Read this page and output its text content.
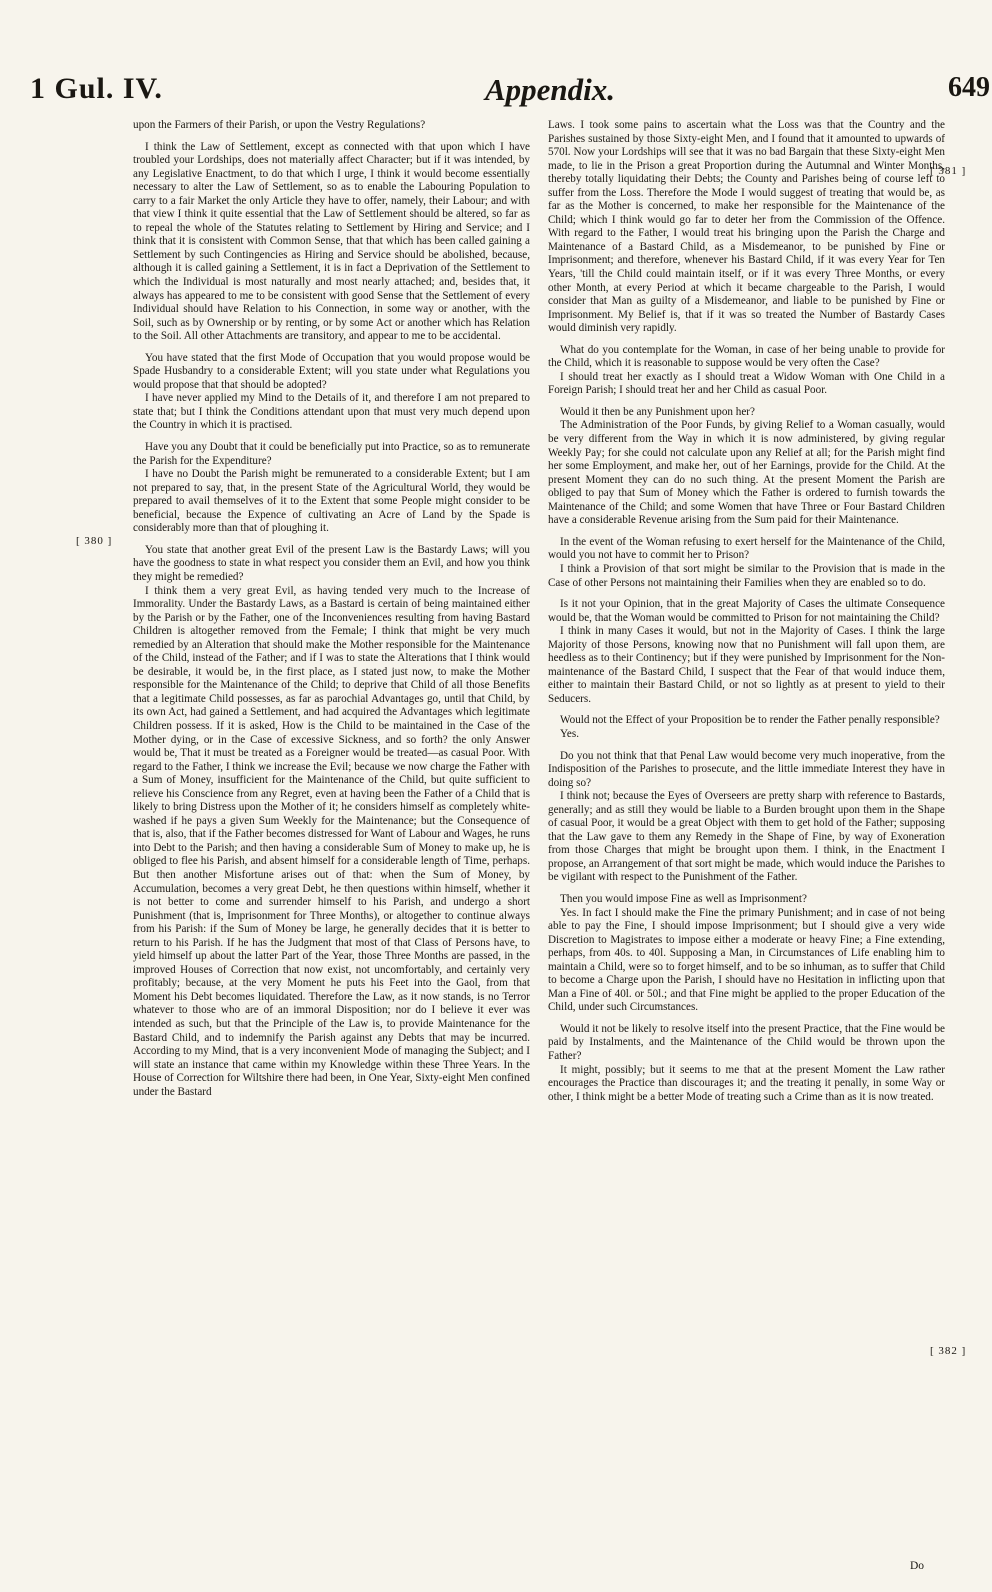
1 Gul. IV.	Appendix.	649

upon the Farmers of their Parish, or upon the Vestry Regulations?

I think the Law of Settlement, except as connected with that upon which I have troubled your Lordships, does not materially affect Character; but if it was intended, by any Legislative Enactment, to do that which I urge, I think it would become essentially necessary to alter the Law of Settlement, so as to enable the Labouring Population to carry to a fair Market the only Article they have to offer, namely, their Labour; and with that view I think it quite essential that the Law of Settlement should be altered, so far as to repeal the whole of the Statutes relating to Settlement by Hiring and Service; and I think that it is consistent with Common Sense, that that which has been called gaining a Settlement by such Contingencies as Hiring and Service should be abolished, because, although it is called gaining a Settlement, it is in fact a Deprivation of the Settlement to which the Individual is most naturally and most nearly attached; and, besides that, it always has appeared to me to be consistent with good Sense that the Settlement of every Individual should have Relation to his Connection, in some way or another, with the Soil, such as by Ownership or by renting, or by some Act or another which has Relation to the Soil. All other Attachments are transitory, and appear to me to be accidental.

You have stated that the first Mode of Occupation that you would propose would be Spade Husbandry to a considerable Extent; will you state under what Regulations you would propose that that should be adopted?

I have never applied my Mind to the Details of it, and therefore I am not prepared to state that; but I think the Conditions attendant upon that must very much depend upon the Country in which it is practised.

Have you any Doubt that it could be beneficially put into Practice, so as to remunerate the Parish for the Expenditure?

I have no Doubt the Parish might be remunerated to a considerable Extent; but I am not prepared to say, that, in the present State of the Agricultural World, they would be prepared to avail themselves of it to the Extent that some People might consider to be beneficial, because the Expence of cultivating an Acre of Land by the Spade is considerably more than that of ploughing it.

You state that another great Evil of the present Law is the Bastardy Laws; will you have the goodness to state in what respect you consider them an Evil, and how you think they might be remedied?

I think them a very great Evil, as having tended very much to the Increase of Immorality. Under the Bastardy Laws, as a Bastard is certain of being maintained either by the Parish or by the Father, one of the Inconveniences resulting from having Bastard Children is altogether removed from the Female; I think that might be very much remedied by an Alteration that should make the Mother responsible for the Maintenance of the Child, instead of the Father; and if I was to state the Alterations that I think would be desirable, it would be, in the first place, as I stated just now, to make the Mother responsible for the Maintenance of the Child; to deprive that Child of all those Benefits that a legitimate Child possesses, as far as parochial Advantages go, until that Child, by its own Act, had gained a Settlement, and had acquired the Advantages which legitimate Children possess. If it is asked, How is the Child to be maintained in the Case of the Mother dying, or in the Case of excessive Sickness, and so forth? the only Answer would be, That it must be treated as a Foreigner would be treated—as casual Poor. With regard to the Father, I think we increase the Evil; because we now charge the Father with a Sum of Money, insufficient for the Maintenance of the Child, but quite sufficient to relieve his Conscience from any Regret, even at having been the Father of a Child that is likely to bring Distress upon the Mother of it; he considers himself as completely white-washed if he pays a given Sum Weekly for the Maintenance; but the Consequence of that is, also, that if the Father becomes distressed for Want of Labour and Wages, he runs into Debt to the Parish; and then having a considerable Sum of Money to make up, he is obliged to flee his Parish, and absent himself for a considerable length of Time, perhaps. But then another Misfortune arises out of that: when the Sum of Money, by Accumulation, becomes a very great Debt, he then questions within himself, whether it is not better to come and surrender himself to his Parish, and undergo a short Punishment (that is, Imprisonment for Three Months), or altogether to continue always from his Parish: if the Sum of Money be large, he generally decides that it is better to return to his Parish. If he has the Judgment that most of that Class of Persons have, to yield himself up about the latter Part of the Year, those Three Months are passed, in the improved Houses of Correction that now exist, not uncomfortably, and certainly very profitably; because, at the very Moment he puts his Feet into the Gaol, from that Moment his Debt becomes liquidated. Therefore the Law, as it now stands, is no Terror whatever to those who are of an immoral Disposition; nor do I believe it ever was intended as such, but that the Principle of the Law is, to provide Maintenance for the Bastard Child, and to indemnify the Parish against any Debts that may be incurred. According to my Mind, that is a very inconvenient Mode of managing the Subject; and I will state an instance that came within my Knowledge within these Three Years. In the House of Correction for Wiltshire there had been, in One Year, Sixty-eight Men confined under the Bastard

Laws. I took some pains to ascertain what the Loss was that the Country and the Parishes sustained by those Sixty-eight Men, and I found that it amounted to upwards of 570l. Now your Lordships will see that it was no bad Bargain that these Sixty-eight Men made, to lie in the Prison a great Proportion during the Autumnal and Winter Months, thereby totally liquidating their Debts; the County and Parishes being of course left to suffer from the Loss. Therefore the Mode I would suggest of treating that would be, as far as the Mother is concerned, to make her responsible for the Maintenance of the Child; which I think would go far to deter her from the Commission of the Offence. With regard to the Father, I would treat his bringing upon the Parish the Charge and Maintenance of a Bastard Child, as a Misdemeanor, to be punished by Fine or Imprisonment; and therefore, whenever his Bastard Child, if it was every Year for Ten Years, 'till the Child could maintain itself, or if it was every Three Months, or every other Month, at every Period at which it became chargeable to the Parish, I would consider that Man as guilty of a Misdemeanor, and liable to be punished by Fine or Imprisonment. My Belief is, that if it was so treated the Number of Bastardy Cases would diminish very rapidly.

What do you contemplate for the Woman, in case of her being unable to provide for the Child, which it is reasonable to suppose would be very often the Case?

I should treat her exactly as I should treat a Widow Woman with One Child in a Foreign Parish; I should treat her and her Child as casual Poor.

Would it then be any Punishment upon her?

The Administration of the Poor Funds, by giving Relief to a Woman casually, would be very different from the Way in which it is now administered, by giving regular Weekly Pay; for she could not calculate upon any Relief at all; for the Parish might find her some Employment, and make her, out of her Earnings, provide for the Child. At the present Moment they can do no such thing. At the present Moment the Parish are obliged to pay that Sum of Money which the Father is ordered to furnish towards the Maintenance of the Child; and some Women that have Three or Four Bastard Children have a considerable Revenue arising from the Sum paid for their Maintenance.

In the event of the Woman refusing to exert herself for the Maintenance of the Child, would you not have to commit her to Prison?

I think a Provision of that sort might be similar to the Provision that is made in the Case of other Persons not maintaining their Families when they are enabled so to do.

Is it not your Opinion, that in the great Majority of Cases the ultimate Consequence would be, that the Woman would be committed to Prison for not maintaining the Child?

I think in many Cases it would, but not in the Majority of Cases. I think the large Majority of those Persons, knowing now that no Punishment will fall upon them, are heedless as to their Continency; but if they were punished by Imprisonment for the Non-maintenance of the Bastard Child, I suspect that the Fear of that would induce them, either to maintain their Bastard Child, or not so lightly as at present to yield to their Seducers.

Would not the Effect of your Proposition be to render the Father penally responsible?

Yes.

Do you not think that that Penal Law would become very much inoperative, from the Indisposition of the Parishes to prosecute, and the little immediate Interest they have in doing so?

I think not; because the Eyes of Overseers are pretty sharp with reference to Bastards, generally; and as still they would be liable to a Burden brought upon them in the Shape of casual Poor, it would be a great Object with them to get hold of the Father; supposing that the Law gave to them any Remedy in the Shape of Fine, by way of Exoneration from those Charges that might be brought upon them. I think, in the Enactment I propose, an Arrangement of that sort might be made, which would induce the Parishes to be vigilant with respect to the Punishment of the Father.

Then you would impose Fine as well as Imprisonment?

Yes. In fact I should make the Fine the primary Punishment; and in case of not being able to pay the Fine, I should impose Imprisonment; but I should give a very wide Discretion to Magistrates to impose either a moderate or heavy Fine; a Fine extending, perhaps, from 40s. to 40l. Supposing a Man, in Circumstances of Life enabling him to maintain a Child, were so to forget himself, and to be so inhuman, as to suffer that Child to become a Charge upon the Parish, I should have no Hesitation in inflicting upon that Man a Fine of 40l. or 50l.; and that Fine might be applied to the proper Education of the Child, under such Circumstances.

Would it not be likely to resolve itself into the present Practice, that the Fine would be paid by Instalments, and the Maintenance of the Child would be thrown upon the Father?

It might, possibly; but it seems to me that at the present Moment the Law rather encourages the Practice than discourages it; and the treating it penally, in some Way or other, I think might be a better Mode of treating such a Crime than as it is now treated.

[ 380 ]
[ 381 ]
[ 382 ]
Do
